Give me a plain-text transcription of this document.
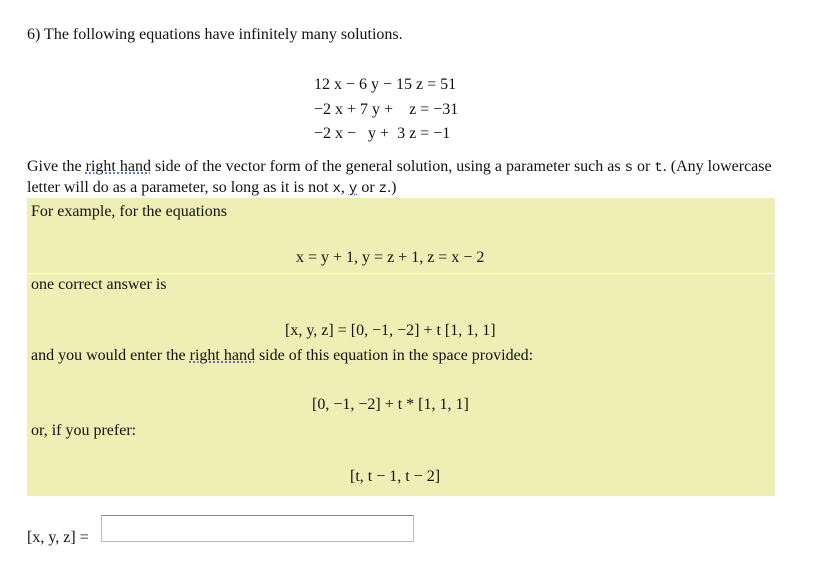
6) The following equations have infinitely many solutions.
12 x − 6 y − 15 z = 51
−2 x + 7 y +    z = −31
−2 x −   y +  3 z = −1
Give the right hand side of the vector form of the general solution, using a parameter such as s or t. (Any lowercase letter will do as a parameter, so long as it is not x, y or z.)
For example, for the equations
x = y + 1, y = z + 1, z = x − 2
one correct answer is
[x, y, z] = [0, −1, −2] + t [1, 1, 1]
and you would enter the right hand side of this equation in the space provided:
[0, −1, −2] + t * [1, 1, 1]
or, if you prefer:
[t, t − 1, t − 2]
[x, y, z] =
